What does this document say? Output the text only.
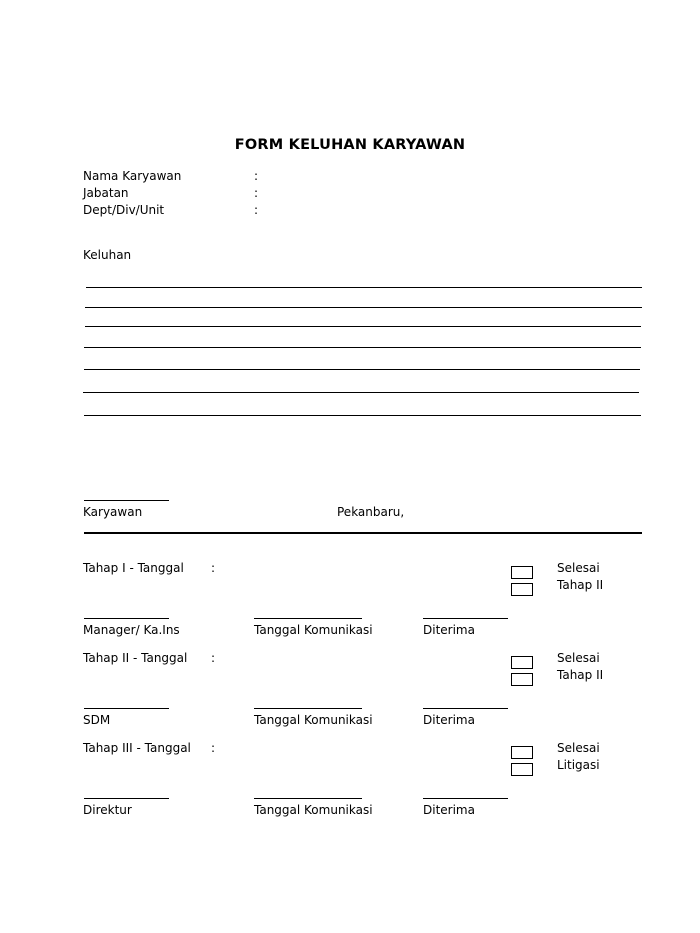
FORM KELUHAN KARYAWAN
Nama Karyawan	:
Jabatan	:
Dept/Div/Unit	:
Keluhan
Karyawan	Pekanbaru,
Tahap I - Tanggal :	Selesai
Tahap II
Manager/ Ka.Ins	Tanggal Komunikasi	Diterima
Tahap II - Tanggal :	Selesai
Tahap II
SDM	Tanggal Komunikasi	Diterima
Tahap III - Tanggal :	Selesai
Litigasi
Direktur	Tanggal Komunikasi	Diterima
